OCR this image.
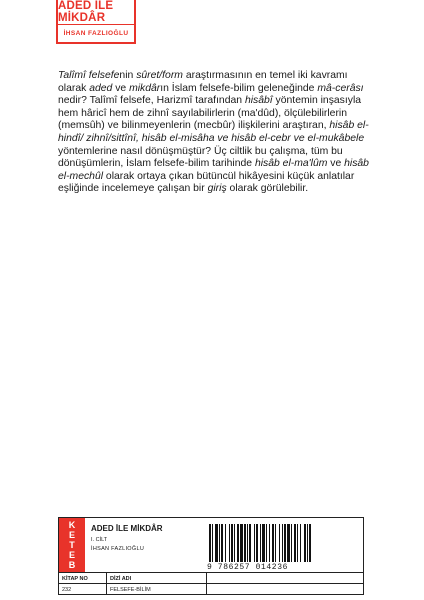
ADED İLE MİKDÂR
İHSAN FAZLIOĞLU

Talîmî felsefenin sûret/form araştırmasının en temel iki kavramı olarak aded ve mikdârın İslam felsefe-bilim geleneğinde mâ-cerâsı nedir? Talîmî felsefe, Harizmî tarafından hisâbî yöntemin inşasıyla hem hâricî hem de zihnî sayılabilirlerin (ma'dûd), ölçülebilirlerin (memsûh) ve bilinmeyenlerin (mecbûr) ilişkilerini araştıran, hisâb el-hindî/ zihnî/sittînî, hisâb el-misâha ve hisâb el-cebr ve el-mukâbele yöntemlerine nasıl dönüşmüştür? Üç ciltlik bu çalışma, tüm bu dönüşümlerin, İslam felsefe-bilim tarihinde hisâb el-ma'lûm ve hisâb el-mechûl olarak ortaya çıkan bütüncül hikâyesini küçük anlatılar eşliğinde incelemeye çalışan bir giriş olarak görülebilir.

K
E
T
E
B
ADED İLE MİKDÂR
I. CİLT
İHSAN FAZLIOĞLU
9 786257 014236
KİTAP NO	DİZİ ADI
232	FELSEFE-BİLİM
